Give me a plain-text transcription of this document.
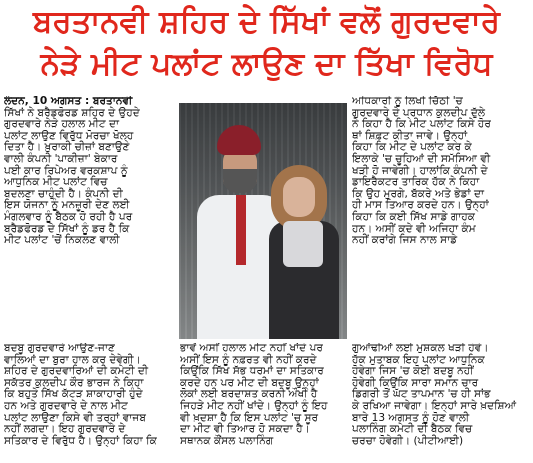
ਬਰਤਾਨਵੀ ਸ਼ਹਿਰ ਦੇ ਸਿੱਖਾਂ ਵਲੋਂ ਗੁਰਦਵਾਰੇ
ਨੇੜੇ ਮੀਟ ਪਲਾਂਟ ਲਾਉਣ ਦਾ ਤਿੱਖਾ ਵਿਰੋਧ
ਲੰਦਨ, 10 ਅਗਸਤ : ਬਰਤਾਨਵੀ
ਸਿੱਖਾਂ ਨੇ ਬਰੈਡਫੋਰਡ ਸ਼ਹਿਰ ਦੇ ਉਹਦੇ
ਗੁਰਦਵਾਰੇ ਨੇੜੇ ਹਲਾਲ ਮੀਟ ਦਾ
ਪਲਾਂਟ ਲਾਉਣ ਵਿਰੁੱਧ ਮੋਰਚਾ ਖੋਲ੍ਹ
ਦਿਤਾ ਹੈ। ਖ਼ੁਰਾਕੀ ਚੀਜ਼ਾਂ ਬਣਾਉਣ
ਵਾਲੀ ਕੰਪਨੀ 'ਪਾਕੀਜ਼ਾ' ਬੇਕਾਰ
ਪਈ ਕਾਰ ਰਿਪੇਅਰ ਵਰਕਸ਼ਾਪ ਨੂੰ
ਆਧੁਨਿਕ ਮੀਟ ਪਲਾਂਟ ਵਿਚ
ਬਦਲਣਾ ਚਾਹੁੰਦੀ ਹੈ। ਕੰਪਨੀ ਦੀ
ਇਸ ਯੋਜਨਾ ਨੂੰ ਮਨਜ਼ੂਰੀ ਦੇਣ ਲਈ
ਮੰਗਲਵਾਰ ਨੂੰ ਬੈਠਕ ਹੋ ਰਹੀ ਹੈ ਪਰ
ਬਰੈਡਫੋਰਡ ਦੇ ਸਿੱਖਾਂ ਨੂੰ ਡਰ ਹੈ ਕਿ
ਮੀਟ ਪਲਾਂਟ 'ਚੋਂ ਨਿਕਲਣ ਵਾਲੀ
ਅਧਿਕਾਰੀ ਨੂੰ ਲਿਖੀ ਚਿੱਠੀ 'ਚ
ਗੁਰਦਵਾਰੇ ਦੇ ਪ੍ਰਧਾਨ ਕੁਲਦੀਪ ਦੁੱਲੇ
ਨੇ ਕਿਹਾ ਹੈ ਕਿ ਮੀਟ ਪਲਾਂਟ ਕਿਸੇ ਹੋਰ
ਥਾਂ ਸ਼ਿਫ਼ਟ ਕੀਤਾ ਜਾਵੇ। ਉਨ੍ਹਾਂ
ਕਿਹਾ ਕਿ ਮੀਟ ਦੇ ਪਲਾਂਟ ਕਰ ਕੇ
ਇਲਾਕੇ 'ਚ ਚੂਹਿਆਂ ਦੀ ਸਮੱਸਿਆ ਵੀ
ਖੜੀ ਹੋ ਜਾਵੇਗੀ। ਹਾਲਾਂਕਿ ਕੰਪਨੀ ਦੇ
ਡਾਇਰੈਕਟਰ ਤਾਰਿਕ ਹੱਕ ਨੇ ਕਿਹਾ
ਕਿ ਉਹ ਮੁਰਗੇ, ਬੱਕਰੇ ਅਤੇ ਭੇਡਾਂ ਦਾ
ਹੀ ਮਾਸ ਤਿਆਰ ਕਰਦੇ ਹਨ। ਉਨ੍ਹਾਂ
ਕਿਹਾ ਕਿ ਕਈ ਸਿੱਖ ਸਾਡੇ ਗਾਹਕ
ਹਨ। ਅਸੀਂ ਕਦੇ ਵੀ ਅਜਿਹਾ ਕੰਮ
ਨਹੀਂ ਕਰਾਂਗੇ ਜਿਸ ਨਾਲ ਸਾਡੇ
ਬਦਬੂ ਗੁਰਦਵਾਰੇ ਆਉਣ-ਜਾਣ
ਵਾਲਿਆਂ ਦਾ ਬੁਰਾ ਹਾਲ ਕਰ ਦੇਵੇਗੀ।
ਸ਼ਹਿਰ ਦੇ ਗੁਰਦਵਾਰਿਆਂ ਦੀ ਕਮੇਟੀ ਦੀ
ਸਕੱਤਰ ਕੁਲਦੀਪ ਕੌਰ ਭਾਰਜ ਨੇ ਕਿਹਾ
ਕਿ ਬਹੁਤੇ ਸਿੱਖ ਕੱਟੜ ਸ਼ਾਕਾਹਾਰੀ ਹੁੰਦੇ
ਹਨ ਅਤੇ ਗੁਰਦਵਾਰੇ ਦੇ ਨਾਲ ਮੀਟ
ਪਲਾਂਟ ਲਾਉਣਾ ਕਿਸੇ ਵੀ ਤਰ੍ਹਾਂ ਵਾਜਬ
ਨਹੀਂ ਲਗਦਾ। ਇਹ ਗੁਰਦਵਾਰੇ ਦੇ
ਸਤਿਕਾਰ ਦੇ ਵਿਰੁੱਧ ਹੈ। ਉਨ੍ਹਾਂ ਕਿਹਾ ਕਿ
ਭਾਵੇਂ ਅਸੀਂ ਹਲਾਲ ਮੀਟ ਨਹੀਂ ਖਾਂਦੇ ਪਰ
ਅਸੀਂ ਇਸ ਨੂੰ ਨਫ਼ਰਤ ਵੀ ਨਹੀਂ ਕਰਦੇ
ਕਿਉਂਕਿ ਸਿੱਖ ਸੱਭ ਧਰਮਾਂ ਦਾ ਸਤਿਕਾਰ
ਕਰਦੇ ਹਨ ਪਰ ਮੀਟ ਦੀ ਬਦਬੂ ਉਨ੍ਹਾਂ
ਲੋਕਾਂ ਲਈ ਬਰਦਾਸ਼ਤ ਕਰਨੀ ਔਖੀ ਹੈ
ਜਿਹੜੇ ਮੀਟ ਨਹੀਂ ਖਾਂਦੇ। ਉਨ੍ਹਾਂ ਨੂੰ ਇਹ
ਵੀ ਖ਼ਦਸ਼ਾ ਹੈ ਕਿ ਇਸ ਪਲਾਂਟ 'ਚ ਸੂਰ
ਦਾ ਮੀਟ ਵੀ ਤਿਆਰ ਹੋ ਸਕਦਾ ਹੈ।
ਸਥਾਨਕ ਕੌਂਸਲ ਪਲਾਨਿੰਗ
ਗੁਆਂਢੀਆਂ ਲਈ ਮੁਸ਼ਕਲ ਖੜੀ ਹੋਵੇ।
ਹੱਕ ਮੁਤਾਬਕ ਇਹ ਪਲਾਂਟ ਆਧੁਨਿਕ
ਹੋਵੇਗਾ ਜਿਸ 'ਚ ਕੋਈ ਬਦਬੂ ਨਹੀਂ
ਹੋਵੇਗੀ ਕਿਉਂਕਿ ਸਾਰਾ ਸਮਾਨ ਚਾਰ
ਡਿਗਰੀ ਤੋਂ ਘੱਟ ਤਾਪਮਾਨ 'ਚ ਹੀ ਸਾਂਭ
ਕੇ ਰਖਿਆ ਜਾਵੇਗਾ। ਇਨ੍ਹਾਂ ਸਾਰੇ ਖ਼ਦਸ਼ਿਆਂ
ਬਾਰੇ 13 ਅਗਸਤ ਨੂੰ ਹੋਣ ਵਾਲੀ
ਪਲਾਨਿੰਗ ਕਮੇਟੀ ਦੀ ਬੈਠਕ ਵਿਚ
ਚਰਚਾ ਹੋਵੇਗੀ। (ਪੀਟੀਆਈ)
